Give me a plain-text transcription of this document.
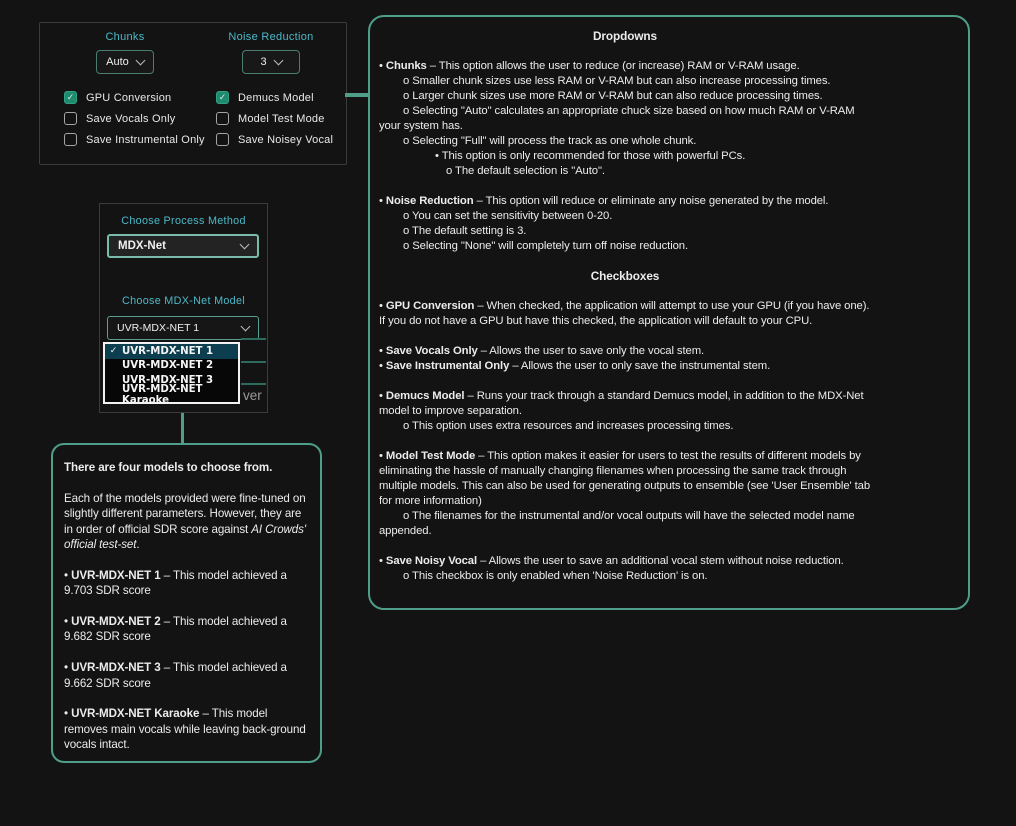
Chunks
Auto
Noise Reduction
3
✓ GPU Conversion	✓ Demucs Model
Save Vocals Only	Model Test Mode
Save Instrumental Only	Save Noisey Vocal
Dropdowns
• Chunks – This option allows the user to reduce (or increase) RAM or V-RAM usage.
o Smaller chunk sizes use less RAM or V-RAM but can also increase processing times.
o Larger chunk sizes use more RAM or V-RAM but can also reduce processing times.
o Selecting "Auto" calculates an appropriate chuck size based on how much RAM or V-RAM your system has.
o Selecting "Full" will process the track as one whole chunk.
• This option is only recommended for those with powerful PCs.
o The default selection is "Auto".
• Noise Reduction – This option will reduce or eliminate any noise generated by the model.
o You can set the sensitivity between 0-20.
o The default setting is 3.
o Selecting "None" will completely turn off noise reduction.
Checkboxes
• GPU Conversion – When checked, the application will attempt to use your GPU (if you have one). If you do not have a GPU but have this checked, the application will default to your CPU.
• Save Vocals Only – Allows the user to save only the vocal stem.
• Save Instrumental Only – Allows the user to only save the instrumental stem.
• Demucs Model – Runs your track through a standard Demucs model, in addition to the MDX-Net model to improve separation.
o This option uses extra resources and increases processing times.
• Model Test Mode – This option makes it easier for users to test the results of different models by eliminating the hassle of manually changing filenames when processing the same track through multiple models. This can also be used for generating outputs to ensemble (see 'User Ensemble' tab for more information)
o The filenames for the instrumental and/or vocal outputs will have the selected model name appended.
• Save Noisy Vocal – Allows the user to save an additional vocal stem without noise reduction.
o This checkbox is only enabled when 'Noise Reduction' is on.
Choose Process Method
MDX-Net
Choose MDX-Net Model
UVR-MDX-NET 1
ver
✓ UVR-MDX-NET 1
UVR-MDX-NET 2
UVR-MDX-NET 3
UVR-MDX-NET Karaoke
There are four models to choose from.
Each of the models provided were fine-tuned on slightly different parameters. However, they are in order of official SDR score against AI Crowds' official test-set.
• UVR-MDX-NET 1 – This model achieved a 9.703 SDR score
• UVR-MDX-NET 2 – This model achieved a 9.682 SDR score
• UVR-MDX-NET 3 – This model achieved a 9.662 SDR score
• UVR-MDX-NET Karaoke – This model removes main vocals while leaving back-ground vocals intact.
